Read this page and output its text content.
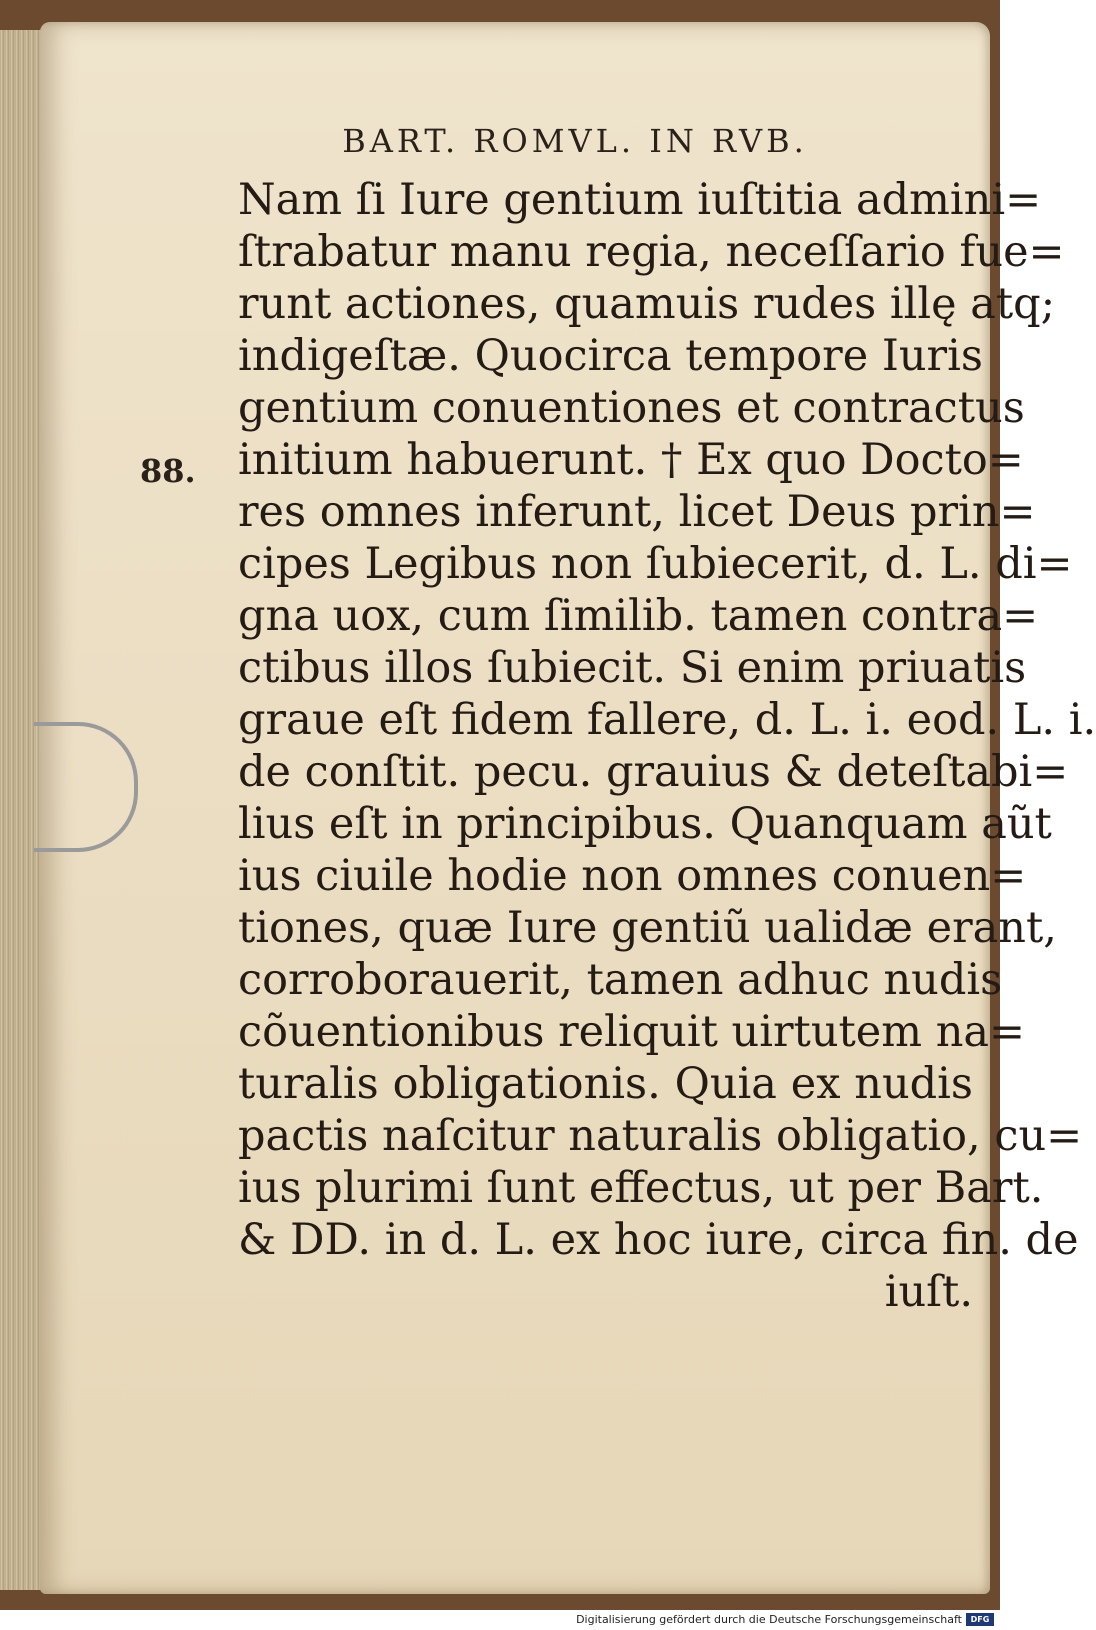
BART. ROMVL. IN RVB.
88.
Nam ſi Iure gentium iuſtitia admini=
ſtrabatur manu regia, neceſſario fue=
runt actiones, quamuis rudes illę atq;
indigeſtæ. Quocirca tempore Iuris
gentium conuentiones et contractus
initium habuerunt. † Ex quo Docto=
res omnes inferunt, licet Deus prin=
cipes Legibus non ſubiecerit, d. L. di=
gna uox, cum ſimilib. tamen contra=
ctibus illos ſubiecit. Si enim priuatis
graue eſt fidem fallere, d. L. i. eod. L. i.
de conſtit. pecu. grauius & deteſtabi=
lius eſt in principibus. Quanquam aũt
ius ciuile hodie non omnes conuen=
tiones, quæ Iure gentiũ ualidæ erant,
corroborauerit, tamen adhuc nudis
cõuentionibus reliquit uirtutem na=
turalis obligationis. Quia ex nudis
pactis naſcitur naturalis obligatio, cu=
ius plurimi ſunt effectus, ut per Bart.
& DD. in d. L. ex hoc iure, circa fin. de
iuſt.
Digitalisierung gefördert durch die Deutsche Forschungsgemeinschaft	DFG
